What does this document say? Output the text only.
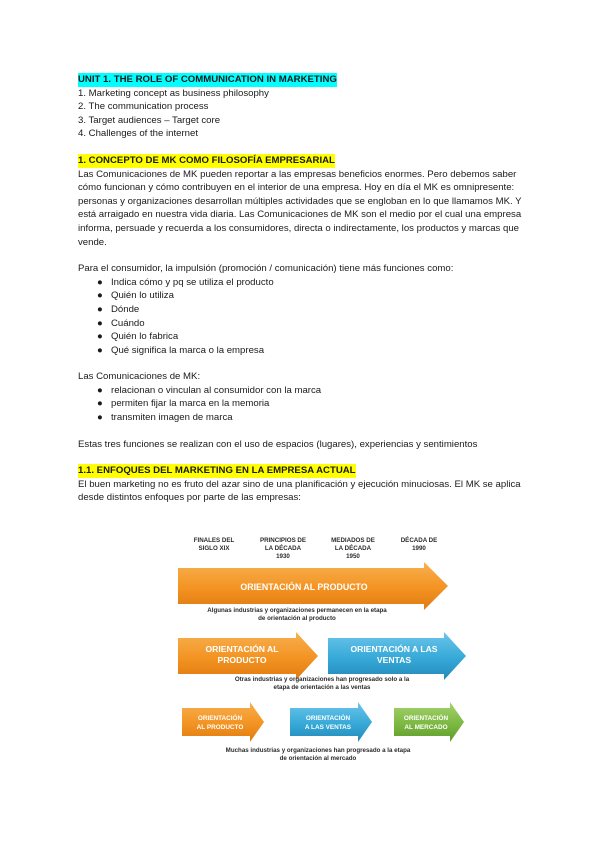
UNIT 1. THE ROLE OF COMMUNICATION IN MARKETING
1. Marketing concept as business philosophy
2. The communication process
3. Target audiences – Target core
4. Challenges of the internet
1. CONCEPTO DE MK COMO FILOSOFÍA EMPRESARIAL

Las Comunicaciones de MK pueden reportar a las empresas beneficios enormes. Pero debemos saber cómo funcionan y cómo contribuyen en el interior de una empresa. Hoy en día el MK es omnipresente: personas y organizaciones desarrollan múltiples actividades que se engloban en lo que llamamos MK. Y está arraigado en nuestra vida diaria. Las Comunicaciones de MK son el medio por el cual una empresa informa, persuade y recuerda a los consumidores, directa o indirectamente, los productos y marcas que vende.

Para el consumidor, la impulsión (promoción / comunicación) tiene más funciones como:

● Indica cómo y pq se utiliza el producto
● Quién lo utiliza
● Dónde
● Cuándo
● Quién lo fabrica
● Qué significa la marca o la empresa

Las Comunicaciones de MK:

● relacionan o vinculan al consumidor con la marca
● permiten fijar la marca en la memoria
● transmiten imagen de marca

Estas tres funciones se realizan con el uso de espacios (lugares), experiencias y sentimientos

1.1. ENFOQUES DEL MARKETING EN LA EMPRESA ACTUAL

El buen marketing no es fruto del azar sino de una planificación y ejecución minuciosas. El MK se aplica desde distintos enfoques por parte de las empresas:

FINALES DEL
SIGLO XIX
PRINCIPIOS DE
LA DÉCADA
1930
MEDIADOS DE
LA DÉCADA
1950
DÉCADA DE
1990
ORIENTACIÓN AL PRODUCTO
Algunas industrias y organizaciones permanecen en la etapa
de orientación al producto
ORIENTACIÓN AL
PRODUCTO
ORIENTACIÓN A LAS
VENTAS
Otras industrias y organizaciones han progresado solo a la
etapa de orientación a las ventas
ORIENTACIÓN
AL PRODUCTO
ORIENTACIÓN
A LAS VENTAS
ORIENTACIÓN
AL MERCADO
Muchas industrias y organizaciones han progresado a la etapa
de orientación al mercado
